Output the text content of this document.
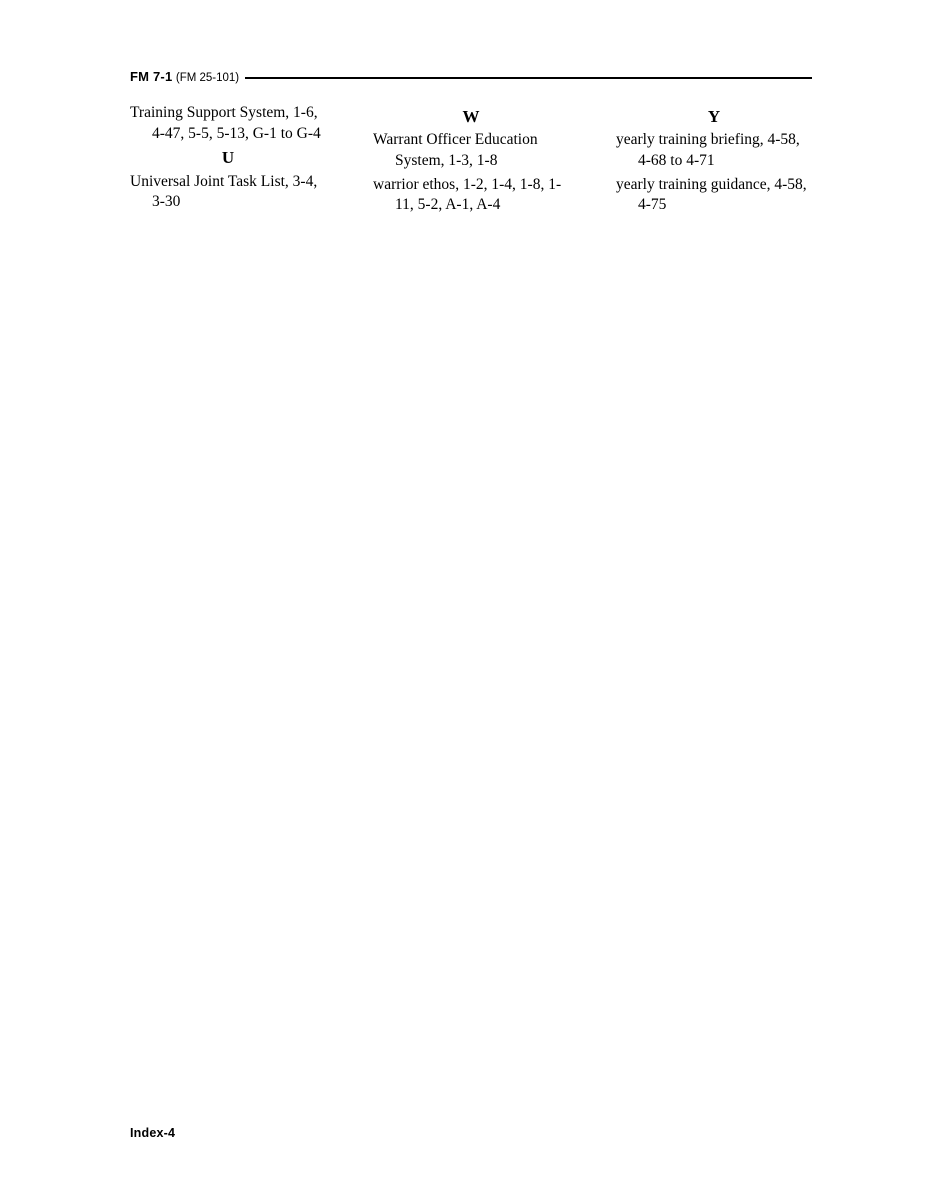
FM 7-1 (FM 25-101)
Training Support System, 1-6, 4-47, 5-5, 5-13, G-1 to G-4
U
Universal Joint Task List, 3-4, 3-30
W
Warrant Officer Education System, 1-3, 1-8
warrior ethos, 1-2, 1-4, 1-8, 1-11, 5-2, A-1, A-4
Y
yearly training briefing, 4-58, 4-68 to 4-71
yearly training guidance, 4-58, 4-75
Index-4
